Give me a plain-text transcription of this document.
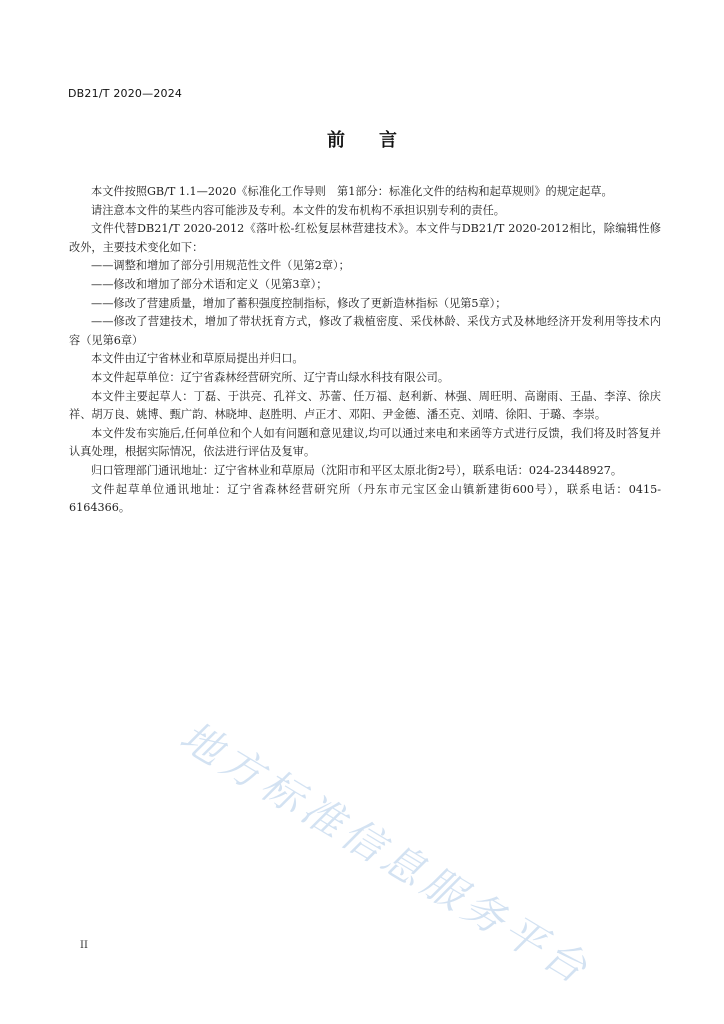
DB21/T 2020—2024
前言

本文件按照GB/T 1.1—2020《标准化工作导则　第1部分：标准化文件的结构和起草规则》的规定起草。

请注意本文件的某些内容可能涉及专利。本文件的发布机构不承担识别专利的责任。

文件代替DB21/T 2020-2012《落叶松-红松复层林营建技术》。本文件与DB21/T 2020-2012相比，除编辑性修改外，主要技术变化如下：

——调整和增加了部分引用规范性文件（见第2章）；

——修改和增加了部分术语和定义（见第3章）；

——修改了营建质量，增加了蓄积强度控制指标，修改了更新造林指标（见第5章）；

——修改了营建技术，增加了带状抚育方式，修改了栽植密度、采伐林龄、采伐方式及林地经济开发利用等技术内容（见第6章）

本文件由辽宁省林业和草原局提出并归口。

本文件起草单位：辽宁省森林经营研究所、辽宁青山绿水科技有限公司。

本文件主要起草人：丁磊、于洪亮、孔祥文、苏蕾、任万福、赵利新、林强、周旺明、高谢雨、王晶、李淳、徐庆祥、胡万良、姚博、甄广韵、林晓坤、赵胜明、卢正才、邓阳、尹金德、潘丕克、刘晴、徐阳、于璐、李崇。

本文件发布实施后,任何单位和个人如有问题和意见建议,均可以通过来电和来函等方式进行反馈，我们将及时答复并认真处理，根据实际情况，依法进行评估及复审。

归口管理部门通讯地址：辽宁省林业和草原局（沈阳市和平区太原北街2号），联系电话：024-23448927。

文件起草单位通讯地址：辽宁省森林经营研究所（丹东市元宝区金山镇新建街600号），联系电话：0415-6164366。

地方标准信息服务平台
II
